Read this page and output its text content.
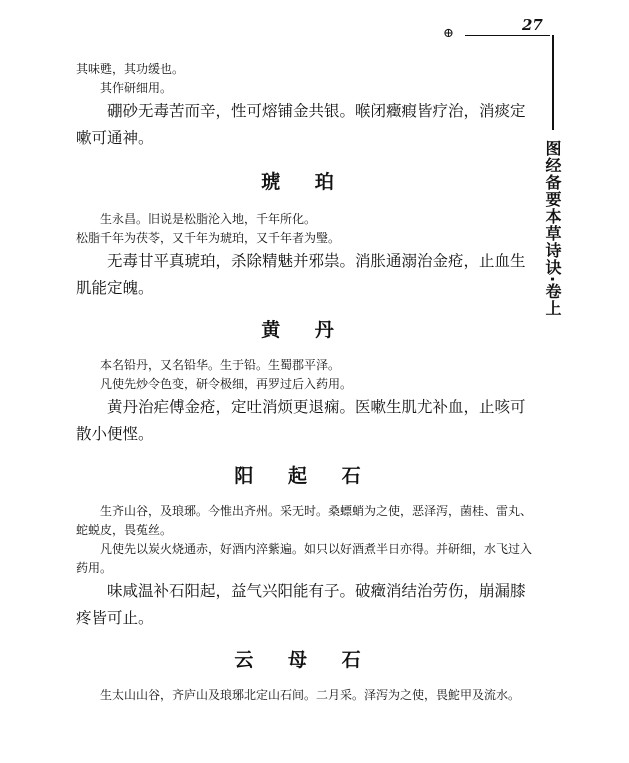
⊕	27
图经备要本草诗诀·卷上

其味甦，其功缓也。

其作研细用。

硼砂无毒苦而辛，性可熔铺金共银。喉闭癥瘕皆疗治，消痰定嗽可通神。

琥 珀

生永昌。旧说是松脂沦入地，千年所化。

松脂千年为茯苓，又千年为琥珀，又千年者为瑿。

无毒甘平真琥珀，杀除精魅并邪祟。消胀通溺治金疮，止血生肌能定魄。

黄 丹

本名铅丹，又名铅华。生于铅。生蜀郡平泽。

凡使先炒令色变，研令极细，再罗过后入药用。

黄丹治疟傅金疮，定吐消烦更退痫。医嗽生肌尤补血，止咳可散小便悭。

阳 起 石

生齐山谷，及琅琊。今惟出齐州。采无时。桑螵蛸为之使，恶泽泻，菌桂、雷丸、蛇蜕皮，畏菟丝。

凡使先以炭火烧通赤，好酒内淬紫遍。如只以好酒煮半日亦得。并研细，水飞过入药用。

味咸温补石阳起，益气兴阳能有子。破癥消结治劳伤，崩漏膝疼皆可止。

云 母 石

生太山山谷，齐庐山及琅琊北定山石间。二月采。泽泻为之使，畏鮀甲及流水。
